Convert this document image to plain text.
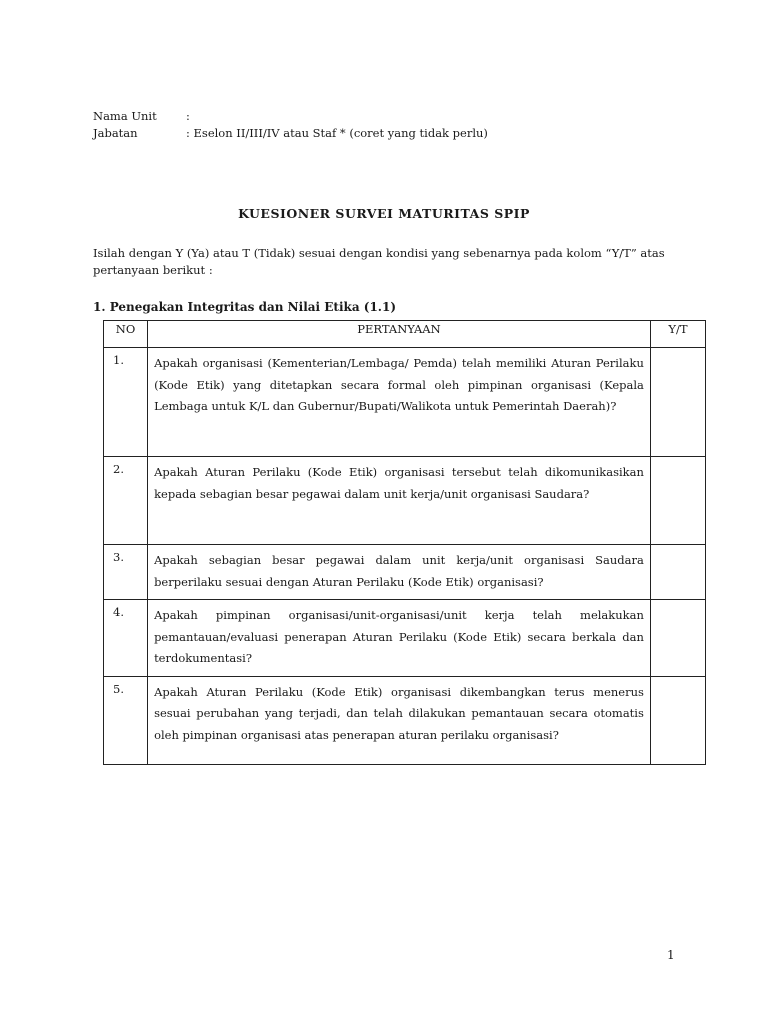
Nama Unit	:
Jabatan	: Eselon II/III/IV atau Staf * (coret yang tidak perlu)
KUESIONER SURVEI MATURITAS SPIP
Isilah dengan Y (Ya) atau T (Tidak) sesuai dengan kondisi yang sebenarnya pada kolom “Y/T” atas pertanyaan berikut :
1. Penegakan Integritas dan Nilai Etika (1.1)
NO	PERTANYAAN	Y/T
1.	Apakah organisasi (Kementerian/Lembaga/ Pemda) telah memiliki Aturan Perilaku (Kode Etik) yang ditetapkan secara formal oleh pimpinan organisasi (Kepala Lembaga untuk K/L dan Gubernur/Bupati/Walikota untuk Pemerintah Daerah)?	
2.	Apakah Aturan Perilaku (Kode Etik) organisasi tersebut telah dikomunikasikan kepada sebagian besar pegawai dalam unit kerja/unit organisasi Saudara?	
3.	Apakah sebagian besar pegawai dalam unit kerja/unit organisasi Saudara berperilaku sesuai dengan Aturan Perilaku (Kode Etik) organisasi?	
4.	Apakah pimpinan organisasi/unit-organisasi/unit kerja telah melakukan pemantauan/evaluasi penerapan Aturan Perilaku (Kode Etik) secara berkala dan terdokumentasi?	
5.	Apakah Aturan Perilaku (Kode Etik) organisasi dikembangkan terus menerus sesuai perubahan yang terjadi, dan telah dilakukan pemantauan secara otomatis oleh pimpinan organisasi atas penerapan aturan perilaku organisasi?	
1
